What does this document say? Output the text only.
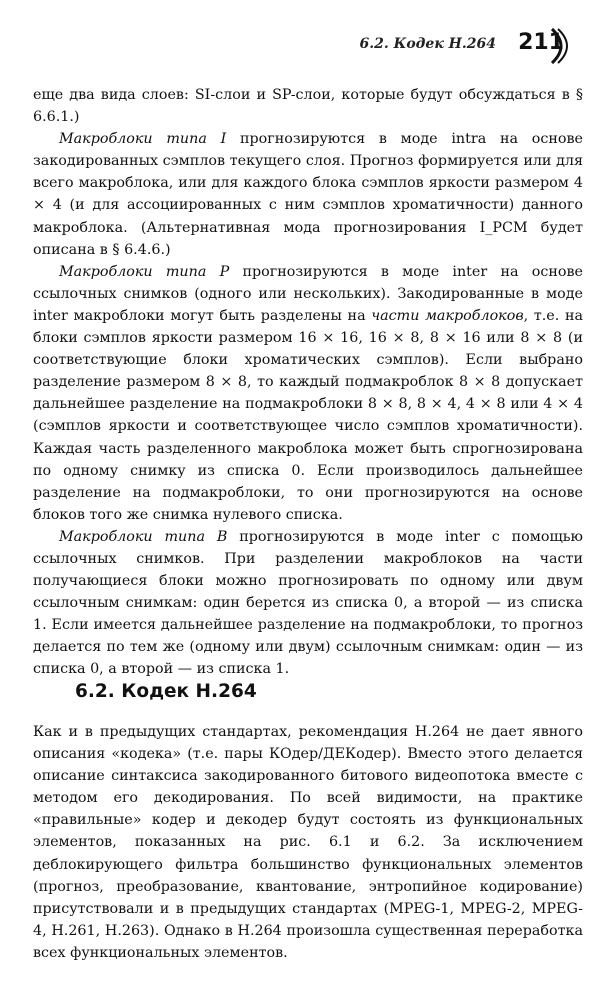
6.2. Кодек H.264 211

еще два вида слоев: SI-слои и SP-слои, которые будут обсуждаться в § 6.6.1.)

Макроблоки типа I прогнозируются в моде intra на основе закодированных сэмплов текущего слоя. Прогноз формируется или для всего макроблока, или для каждого блока сэмплов яркости размером 4 × 4 (и для ассоциированных с ним сэмплов хроматичности) данного макроблока. (Альтернативная мода прогнозирования I_PCM будет описана в § 6.4.6.)

Макроблоки типа P прогнозируются в моде inter на основе ссылочных снимков (одного или нескольких). Закодированные в моде inter макроблоки могут быть разделены на части макроблоков, т.е. на блоки сэмплов яркости размером 16 × 16, 16 × 8, 8 × 16 или 8 × 8 (и соответствующие блоки хроматических сэмплов). Если выбрано разделение размером 8 × 8, то каждый подмакроблок 8 × 8 допускает дальнейшее разделение на подмакроблоки 8 × 8, 8 × 4, 4 × 8 или 4 × 4 (сэмплов яркости и соответствующее число сэмплов хроматичности). Каждая часть разделенного макроблока может быть спрогнозирована по одному снимку из списка 0. Если производилось дальнейшее разделение на подмакроблоки, то они прогнозируются на основе блоков того же снимка нулевого списка.

Макроблоки типа B прогнозируются в моде inter с помощью ссылочных снимков. При разделении макроблоков на части получающиеся блоки можно прогнозировать по одному или двум ссылочным снимкам: один берется из списка 0, а второй — из списка 1. Если имеется дальнейшее разделение на подмакроблоки, то прогноз делается по тем же (одному или двум) ссылочным снимкам: один — из списка 0, а второй — из списка 1.

6.2. Кодек H.264

Как и в предыдущих стандартах, рекомендация H.264 не дает явного описания «кодека» (т.е. пары КОдер/ДЕКодер). Вместо этого делается описание синтаксиса закодированного битового видеопотока вместе с методом его декодирования. По всей видимости, на практике «правильные» кодер и декодер будут состоять из функциональных элементов, показанных на рис. 6.1 и 6.2. За исключением деблокирующего фильтра большинство функциональных элементов (прогноз, преобразование, квантование, энтропийное кодирование) присутствовали и в предыдущих стандартах (MPEG-1, MPEG-2, MPEG-4, H.261, H.263). Однако в H.264 произошла существенная переработка всех функциональных элементов.
